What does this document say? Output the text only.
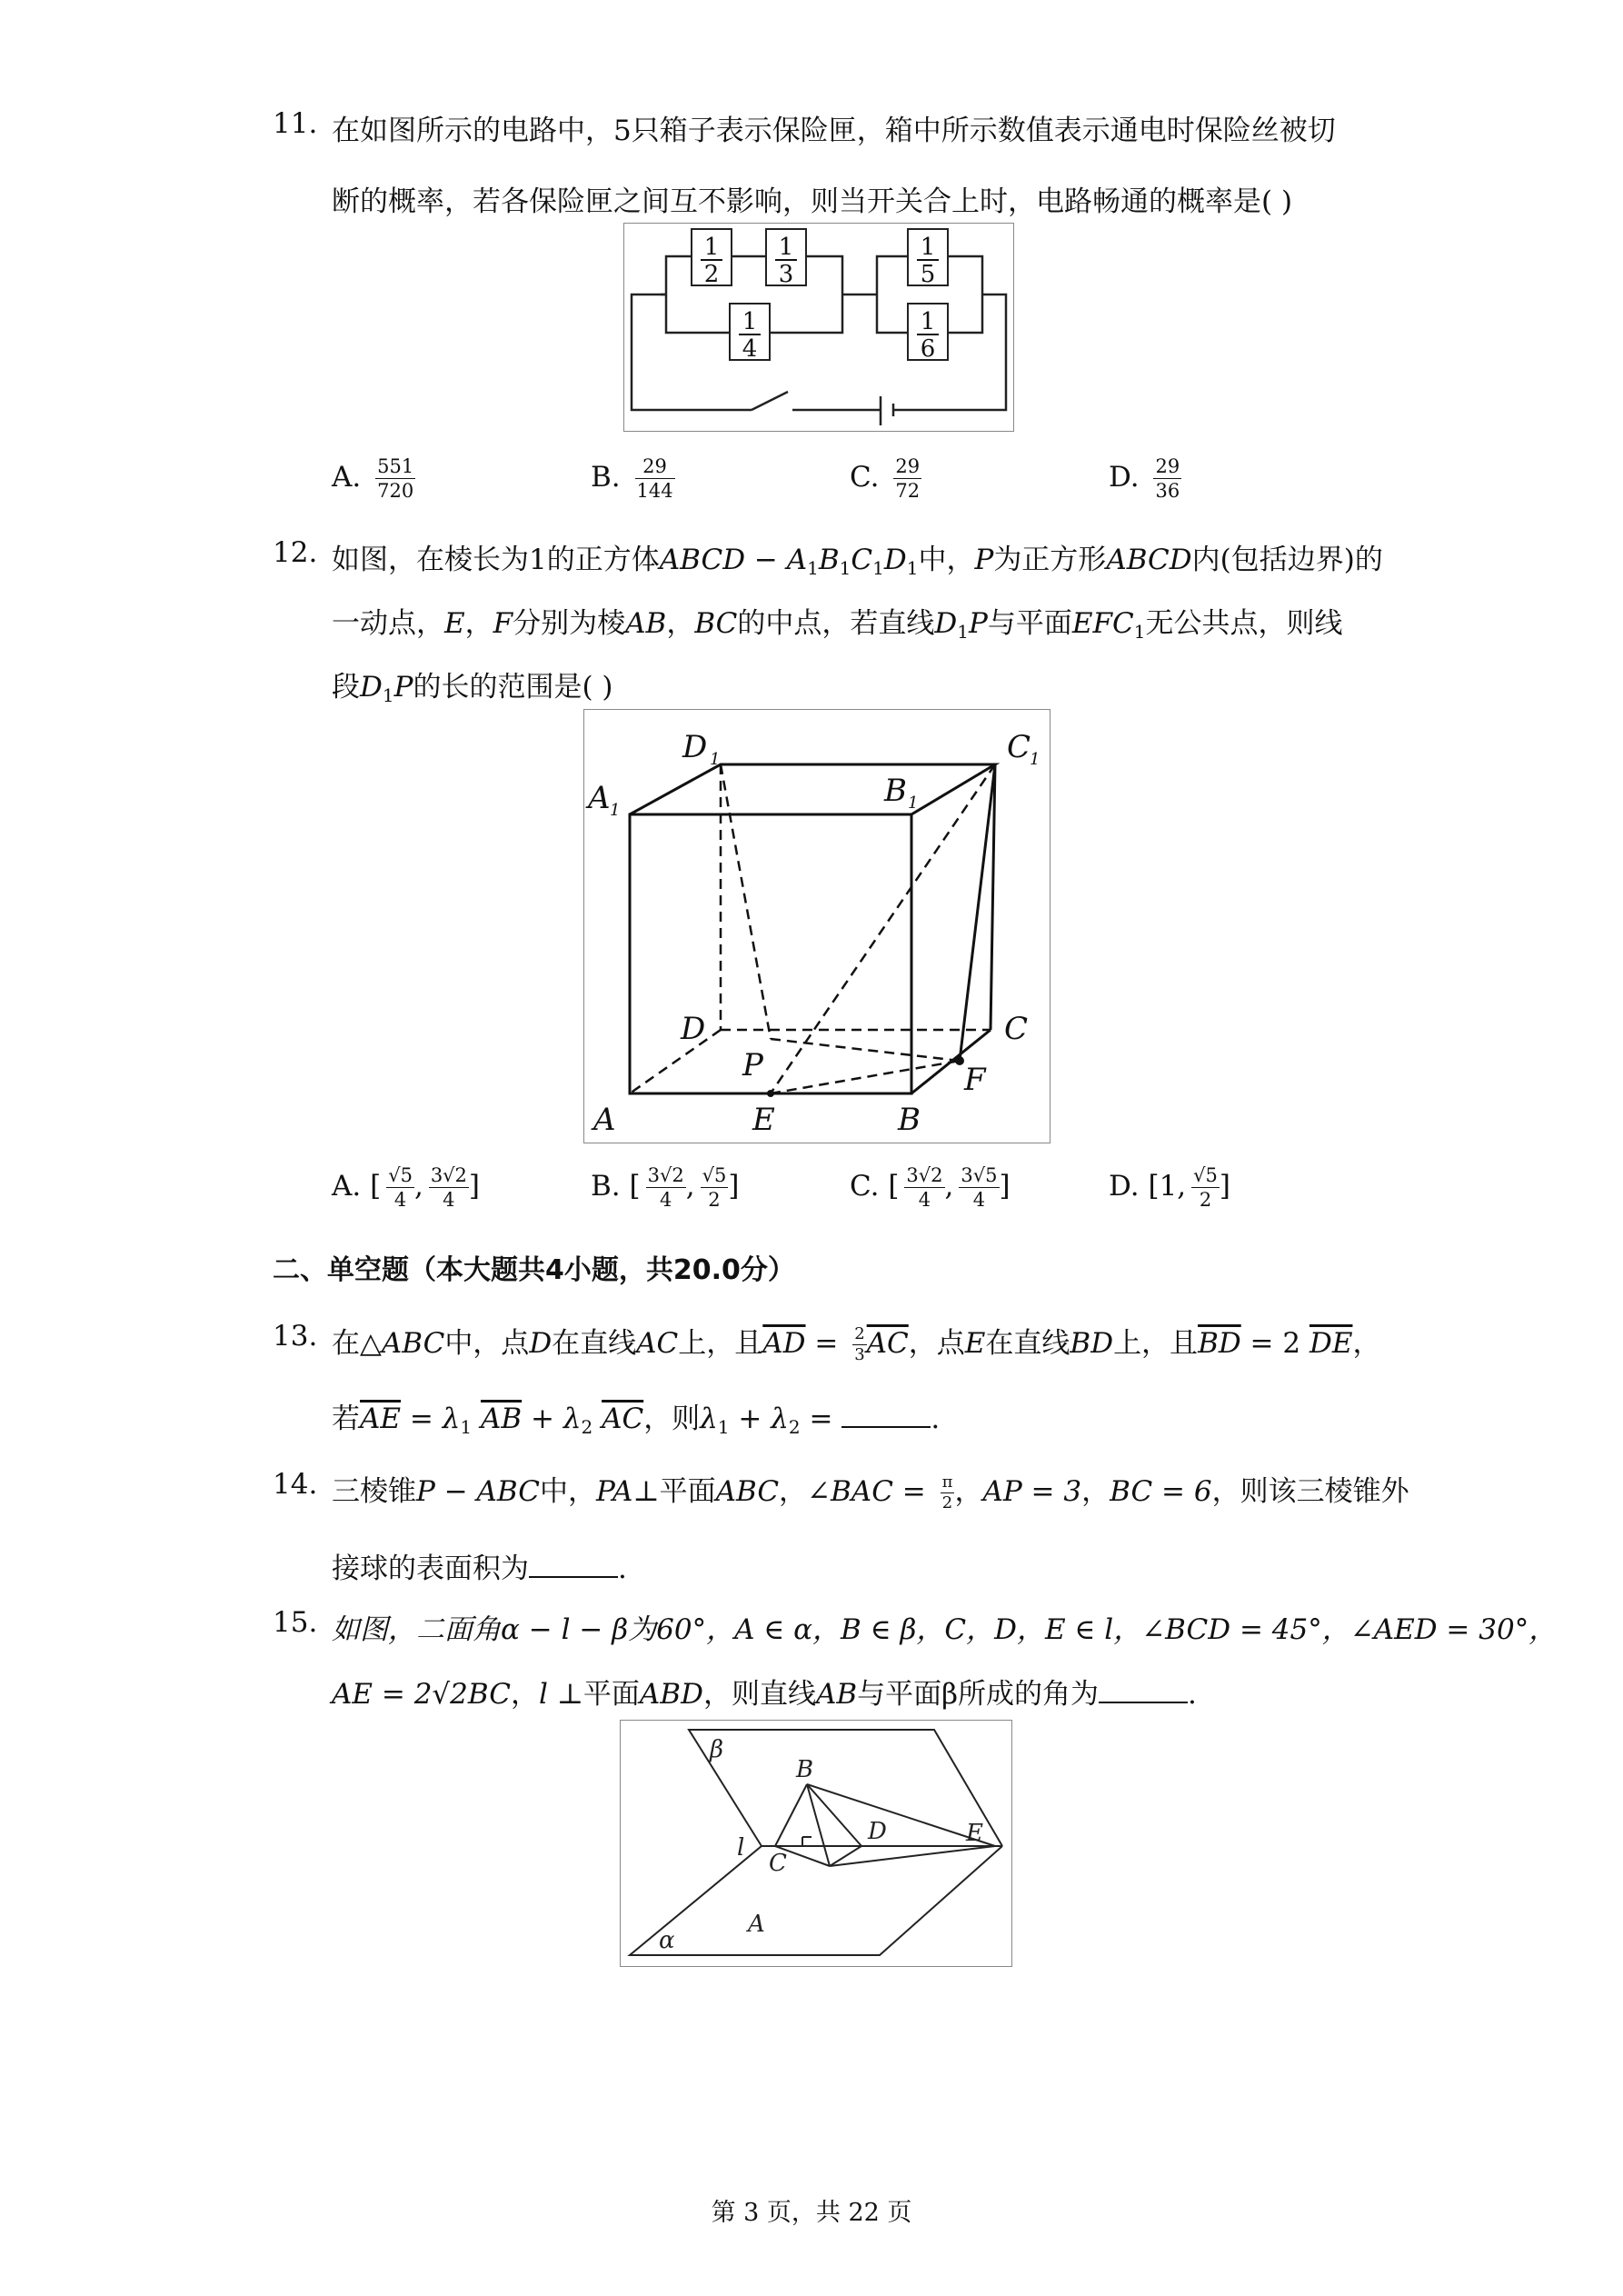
11. 在如图所示的电路中，5只箱子表示保险匣，箱中所示数值表示通电时保险丝被切
断的概率，若各保险匣之间互不影响，则当开关合上时，电路畅通的概率是( )
1
2
1
3
1
4
1
5
1
6
A. $\frac{551}{720}$	B. $\frac{29}{144}$	C. $\frac{29}{72}$	D. $\frac{29}{36}$
12. 如图，在棱长为1的正方体ABCD − $A_1B_1C_1D_1$中，P为正方形ABCD内(包括边界)的
一动点，E，F分别为棱AB，BC的中点，若直线$D_1P$与平面$EFC_1$无公共点，则线
段$D_1P$的长的范围是( )
D 1	C
1
A 1
B 1
D	C
P
A	E	B
F
A. [ $\frac{√5}{4}$ , $\frac{3√2}{4}$ ]	B. [ $\frac{3√2}{4}$ , $\frac{√5}{2}$ ]	C. [ $\frac{3√2}{4}$ , $\frac{3√5}{4}$ ]	D. [1, $\frac{√5}{2}$ ]
二、单空题（本大题共4小题，共20.0分）
13. 在△ABC中，点D在直线AC上，且$\overline{AD} = \frac{2}{3} \overline{AC}$，点E在直线BD上，且$\overline{BD} = 2$ $\overline{DE}$，
若$\overline{AE} = \lambda_1$ $\overline{AB} + \lambda_2$ $\overline{AC}$，则$\lambda_1 + \lambda_2$ =	.
14. 三棱锥P − ABC中，PA⊥平面ABC，∠BAC = $\frac{\pi}{2}$ ，AP = 3，BC = 6，则该三棱锥外
接球的表面积为	.
15. 如图，二面角α − l − β为60°，A ∈ α，B ∈ β，C，D，E ∈ l，∠BCD = 45°，∠AED = 30°，
AE = 2√2BC，l ⊥平面ABD，则直线AB与平面β所成的角为	.
β
α
l
B
C
D	E
A
第 3 页，共 22 页
